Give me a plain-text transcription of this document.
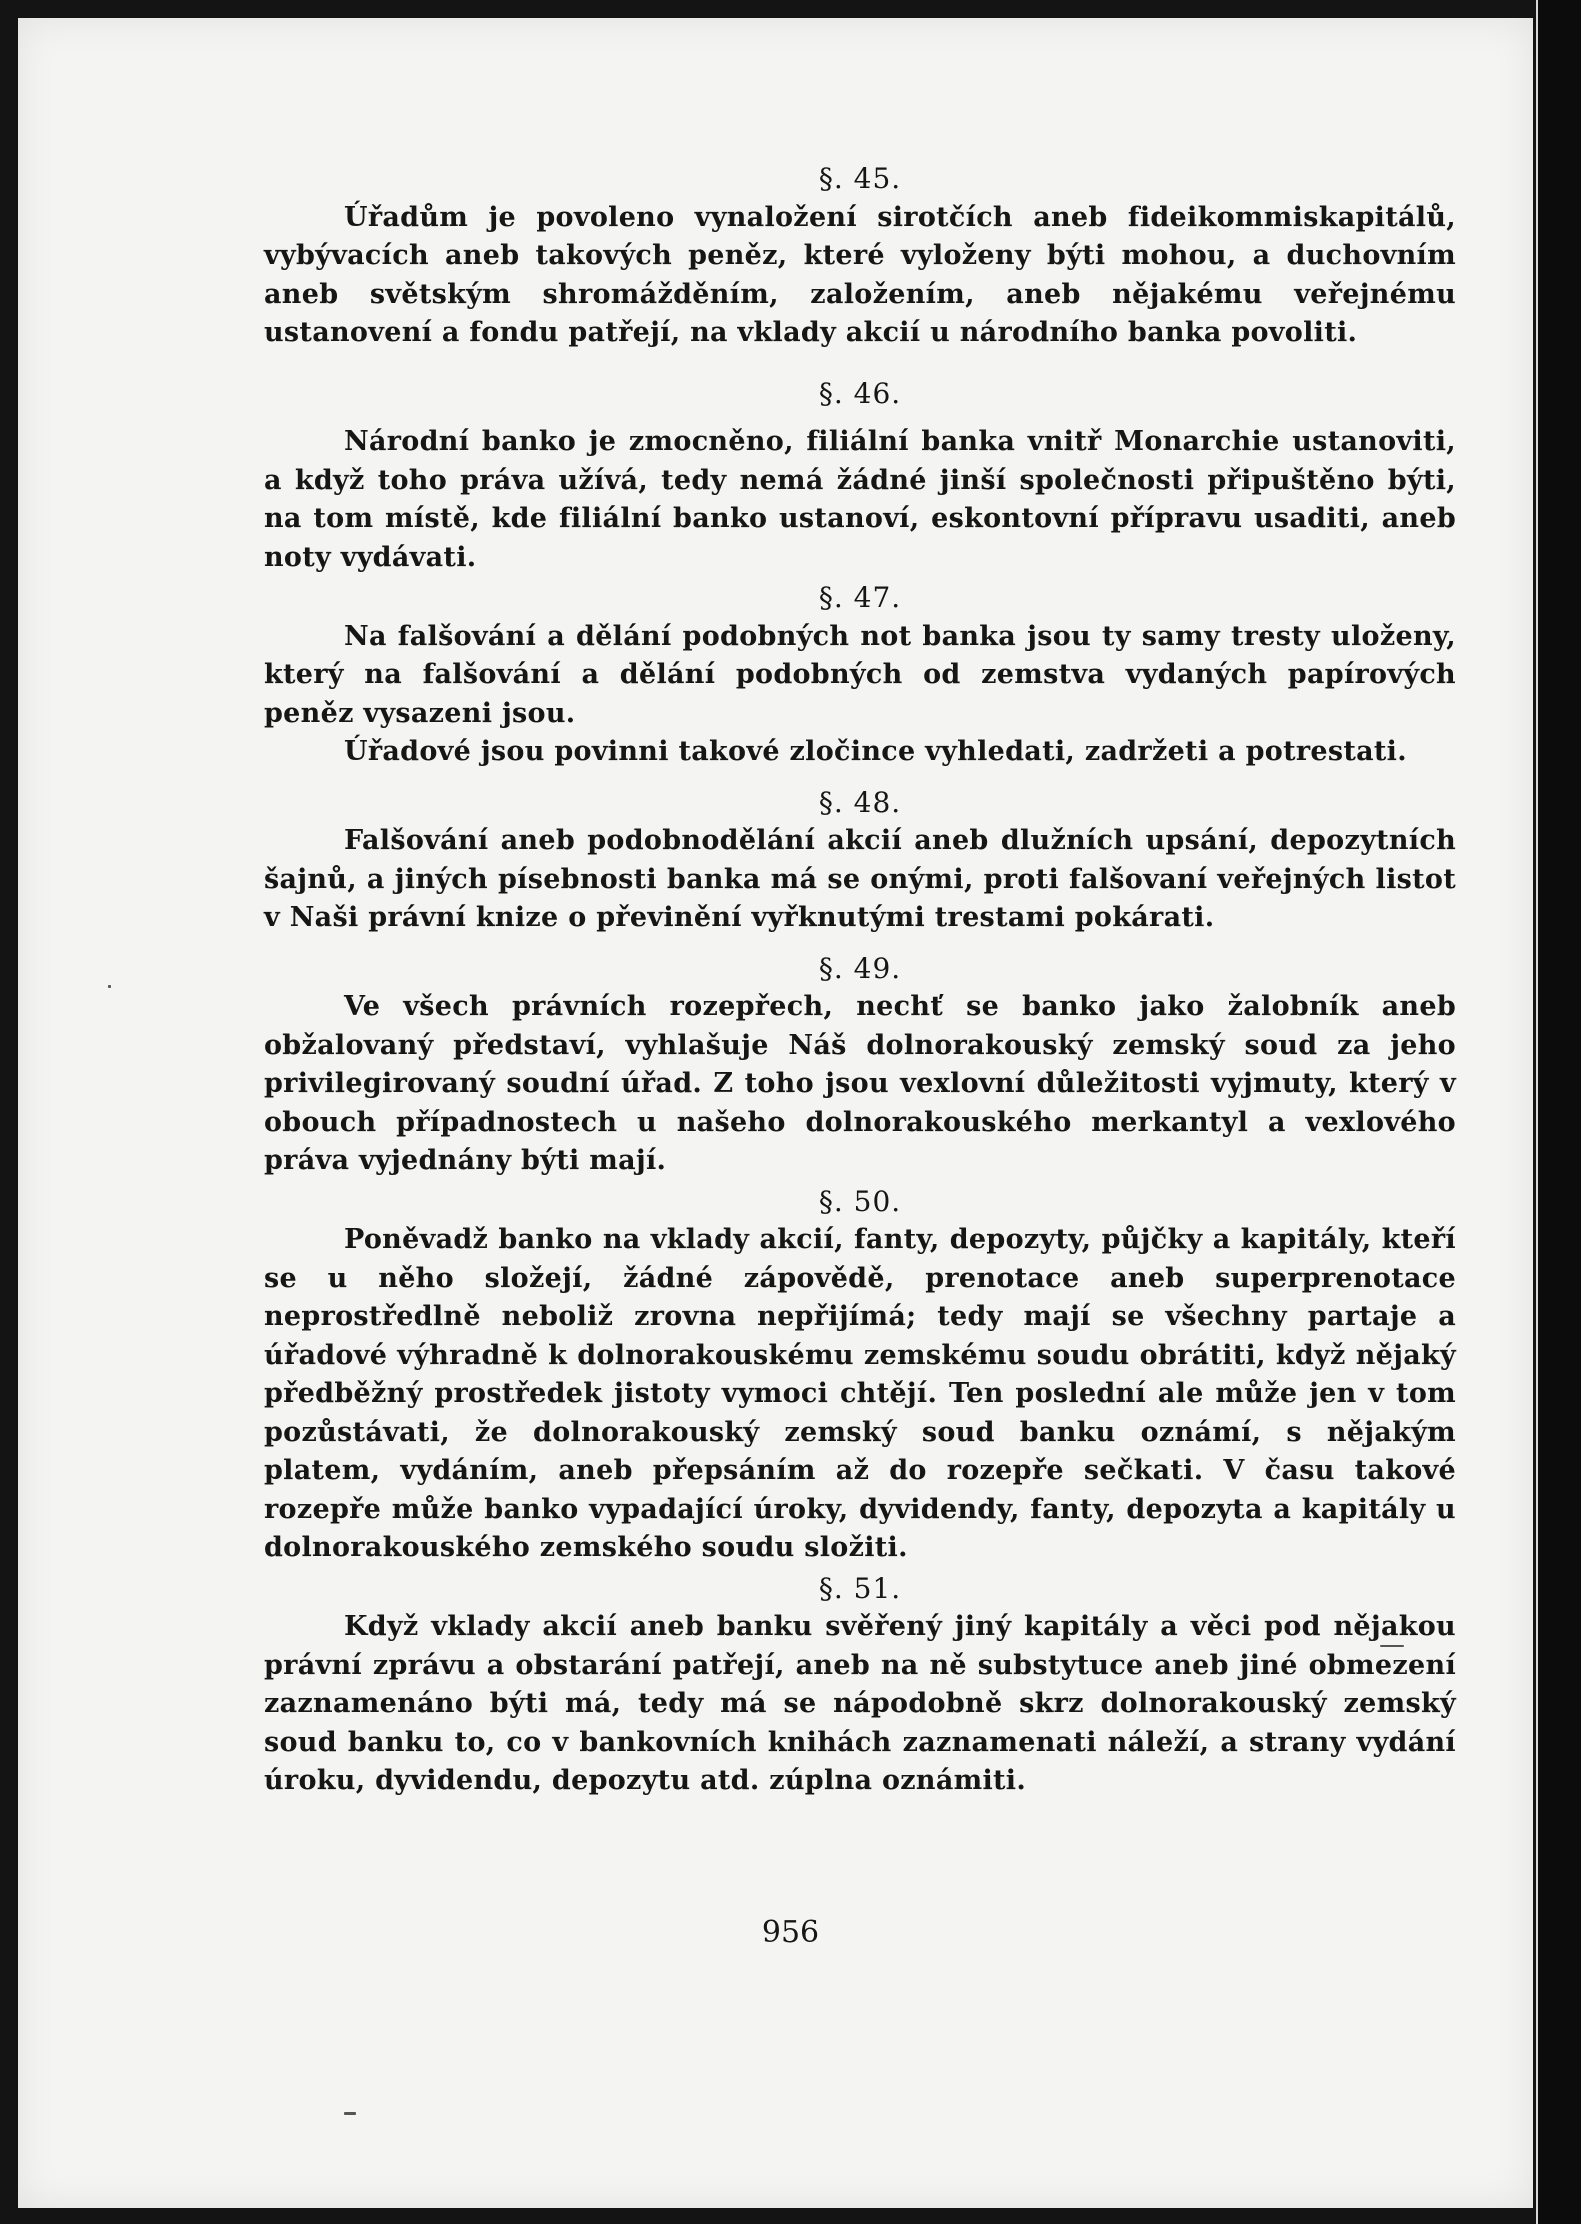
§. 45.

Úřadům je povoleno vynaložení sirotčích aneb fideikommiskapitálů, vybývacích aneb takových peněz, které vyloženy býti mohou, a duchovním aneb světským shromážděním, založením, aneb nějakému veřejnému ustanovení a fondu patřejí, na vklady akcií u národního banka povoliti.

§. 46.

Národní banko je zmocněno, filiální banka vnitř Monarchie ustanoviti, a když toho práva užívá, tedy nemá žádné jinší společnosti připuštěno býti, na tom místě, kde filiální banko ustanoví, eskontovní přípravu usaditi, aneb noty vydávati.

§. 47.

Na falšování a dělání podobných not banka jsou ty samy tresty uloženy, který na falšování a dělání podobných od zemstva vydaných papírových peněz vysazeni jsou.

Úřadové jsou povinni takové zločince vyhledati, zadržeti a potrestati.

§. 48.

Falšování aneb podobnodělání akcií aneb dlužních upsání, depozytních šajnů, a jiných písebnosti banka má se onými, proti falšovaní veřejných listot v Naši právní knize o převinění vyřknutými trestami pokárati.

§. 49.

Ve všech právních rozepřech, nechť se banko jako žalobník aneb obžalovaný představí, vyhlašuje Náš dolnorakouský zemský soud za jeho privilegirovaný soudní úřad. Z toho jsou vexlovní důležitosti vyjmuty, který v obouch případnostech u našeho dolnorakouského merkantyl a vexlového práva vyjednány býti mají.

§. 50.

Poněvadž banko na vklady akcií, fanty, depozyty, půjčky a kapitály, kteří se u něho složejí, žádné zápovědě, prenotace aneb superprenotace neprostředlně neboliž zrovna nepřijímá; tedy mají se všechny partaje a úřadové výhradně k dolnorakouskému zemskému soudu obrátiti, když nějaký předběžný prostředek jistoty vymoci chtějí. Ten poslední ale může jen v tom pozůstávati, že dolnorakouský zemský soud banku oznámí, s nějakým platem, vydáním, aneb přepsáním až do rozepře sečkati. V času takové rozepře může banko vypadající úroky, dyvidendy, fanty, depozyta a kapitály u dolnorakouského zemského soudu složiti.

§. 51.

Když vklady akcií aneb banku svěřený jiný kapitály a věci pod nějakou právní zprávu a obstarání patřejí, aneb na ně substytuce aneb jiné obmezení zaznamenáno býti má, tedy má se nápodobně skrz dolnorakouský zemský soud banku to, co v bankovních knihách zaznamenati náleží, a strany vydání úroku, dyvidendu, depozytu atd. zúplna oznámiti.

956
